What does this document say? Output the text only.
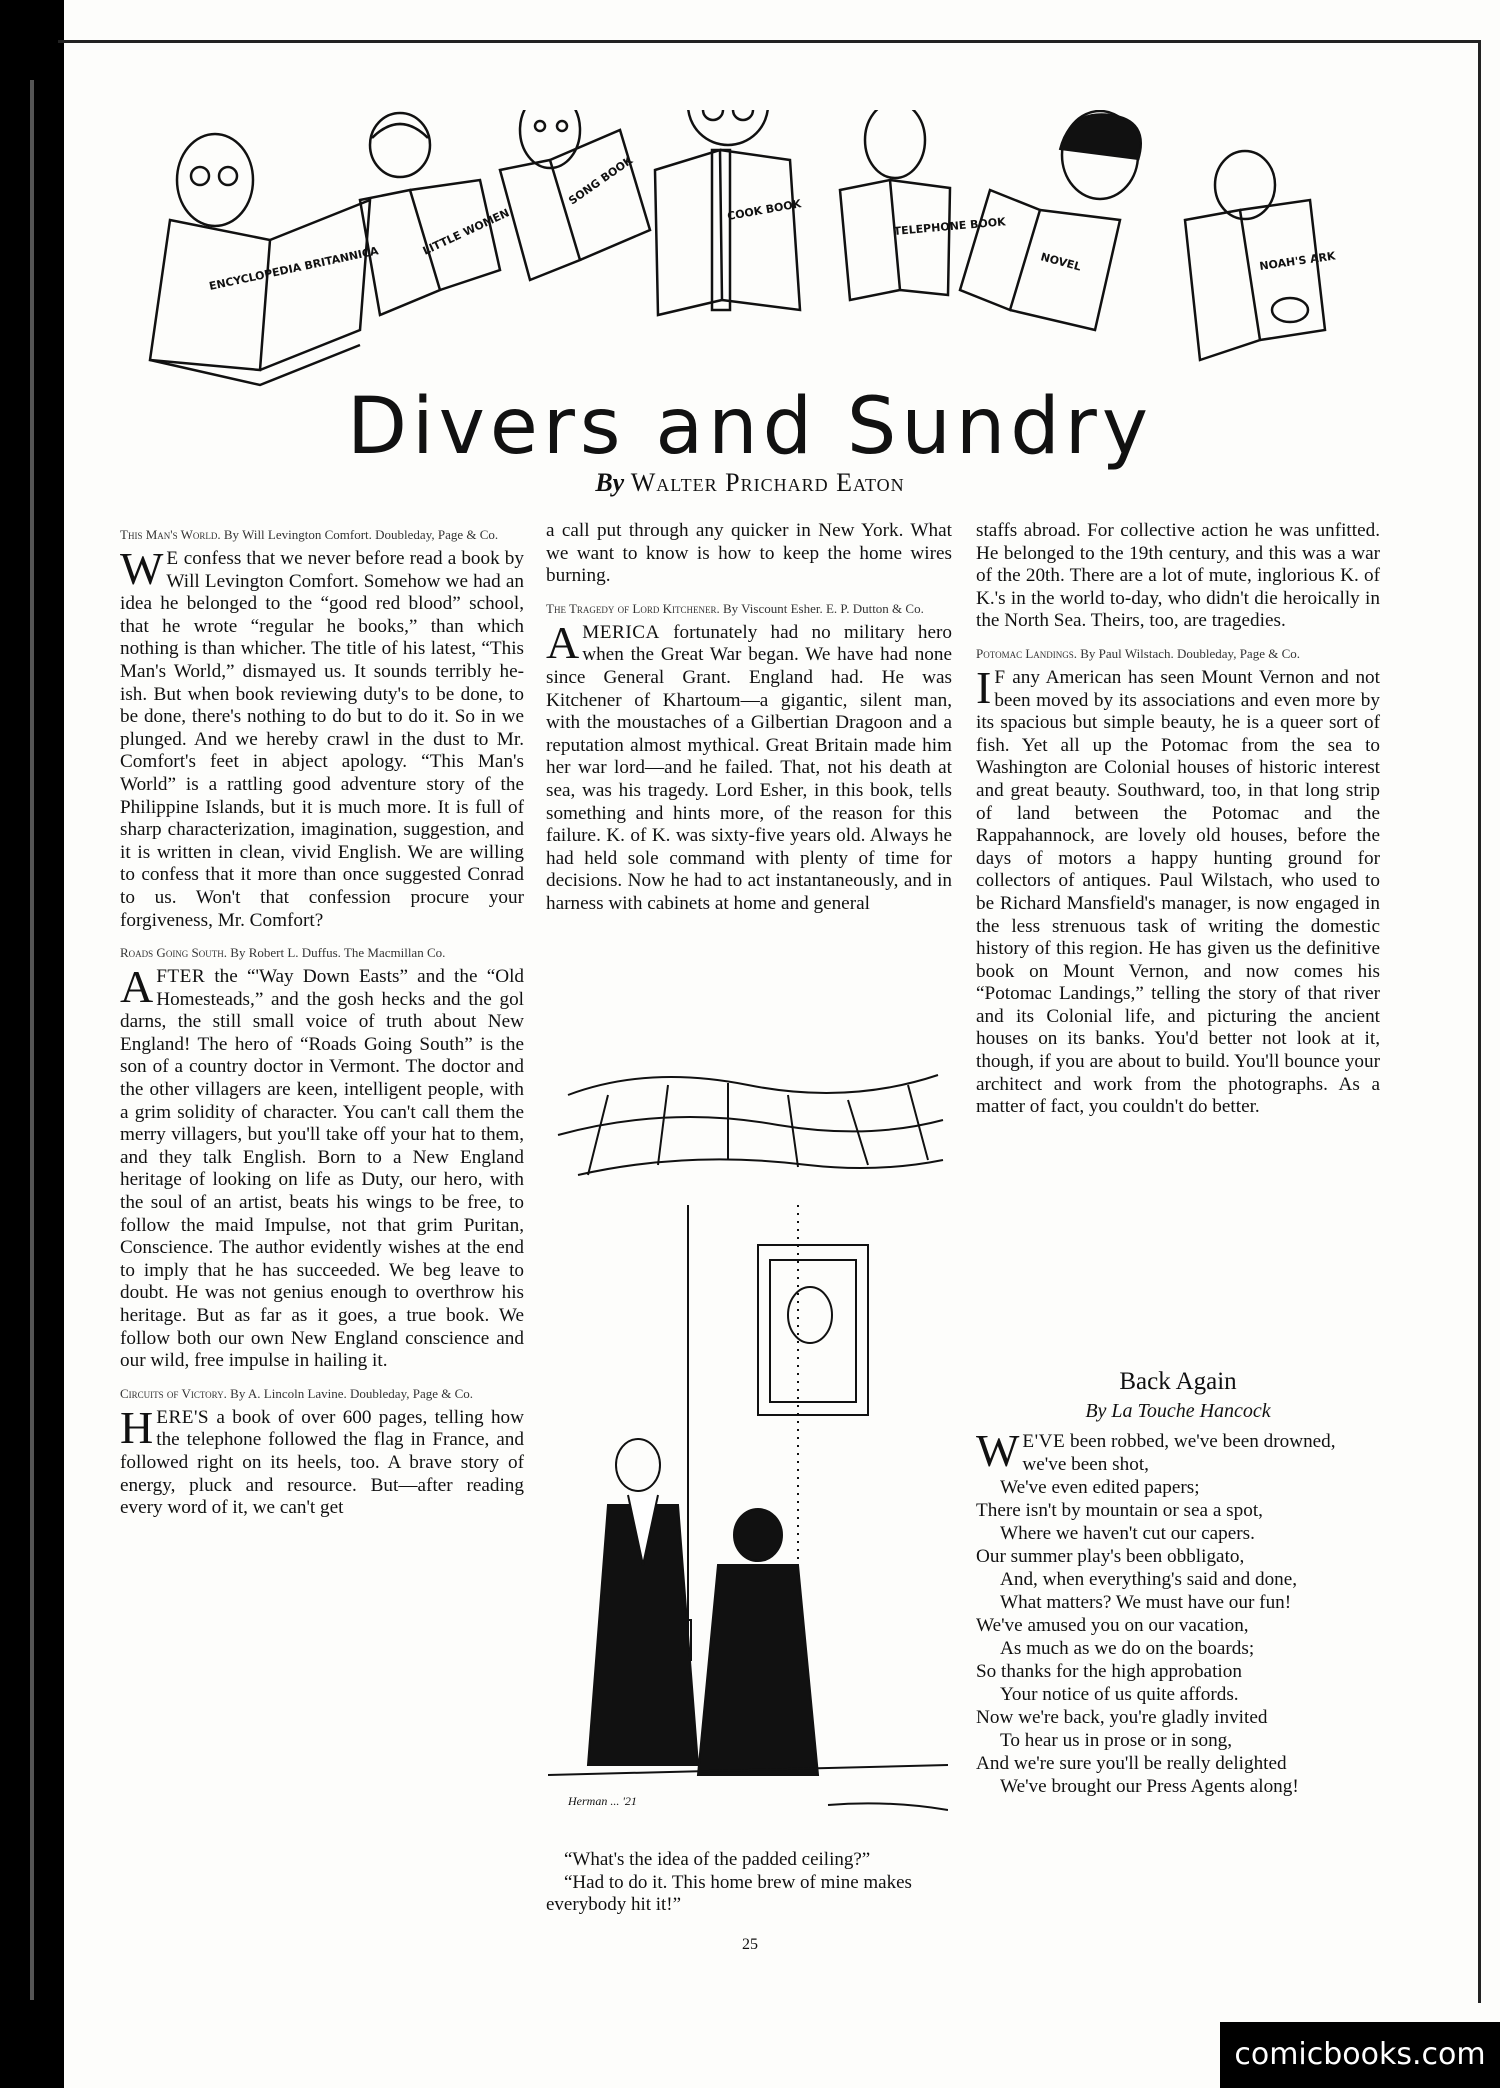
ENCYCLOPEDIA BRITANNICA
LITTLE WOMEN
SONG BOOK
COOK BOOK
TELEPHONE BOOK
NOVEL	NOAH'S ARK
Divers and Sundry
By Walter Prichard Eaton
This Man's World. By Will Levington Comfort. Doubleday, Page & Co.

W E confess that we never before read a book by Will Levington Comfort. Somehow we had an idea he belonged to the “good red blood” school, that he wrote “regular he books,” than which nothing is than whicher. The title of his latest, “This Man's World,” dismayed us. It sounds terribly he-ish. But when book reviewing duty's to be done, to be done, there's nothing to do but to do it. So in we plunged. And we hereby crawl in the dust to Mr. Comfort's feet in abject apology. “This Man's World” is a rattling good adventure story of the Philippine Islands, but it is much more. It is full of sharp characterization, imagination, suggestion, and it is written in clean, vivid English. We are willing to confess that it more than once suggested Conrad to us. Won't that confession procure your forgiveness, Mr. Comfort?

Roads Going South. By Robert L. Duffus. The Macmillan Co.

AFTER the “'Way Down Easts” and the “Old Homesteads,” and the gosh hecks and the gol darns, the still small voice of truth about New England! The hero of “Roads Going South” is the son of a country doctor in Vermont. The doctor and the other villagers are keen, intelligent people, with a grim solidity of character. You can't call them the merry villagers, but you'll take off your hat to them, and they talk English. Born to a New England heritage of looking on life as Duty, our hero, with the soul of an artist, beats his wings to be free, to follow the maid Impulse, not that grim Puritan, Conscience. The author evidently wishes at the end to imply that he has succeeded. We beg leave to doubt. He was not genius enough to overthrow his heritage. But as far as it goes, a true book. We follow both our own New England conscience and our wild, free impulse in hailing it.

Circuits of Victory. By A. Lincoln Lavine. Doubleday, Page & Co.

HERE'S a book of over 600 pages, telling how the telephone followed the flag in France, and followed right on its heels, too. A brave story of energy, pluck and resource. But—after reading every word of it, we can't get

a call put through any quicker in New York. What we want to know is how to keep the home wires burning.

The Tragedy of Lord Kitchener. By Viscount Esher. E. P. Dutton & Co.

AMERICA fortunately had no military hero when the Great War began. We have had none since General Grant. England had. He was Kitchener of Khartoum—a gigantic, silent man, with the moustaches of a Gilbertian Dragoon and a reputation almost mythical. Great Britain made him her war lord—and he failed. That, not his death at sea, was his tragedy. Lord Esher, in this book, tells something and hints more, of the reason for this failure. K. of K. was sixty-five years old. Always he had held sole command with plenty of time for decisions. Now he had to act instantaneously, and in harness with cabinets at home and general

Herman ... '21
“What's the idea of the padded ceiling?”
“Had to do it. This home brew of mine makes everybody hit it!”

staffs abroad. For collective action he was unfitted. He belonged to the 19th century, and this was a war of the 20th. There are a lot of mute, inglorious K. of K.'s in the world to-day, who didn't die heroically in the North Sea. Theirs, too, are tragedies.

Potomac Landings. By Paul Wilstach. Doubleday, Page & Co.

I F any American has seen Mount Vernon and not been moved by its associations and even more by its spacious but simple beauty, he is a queer sort of fish. Yet all up the Potomac from the sea to Washington are Colonial houses of historic interest and great beauty. Southward, too, in that long strip of land between the Potomac and the Rappahannock, are lovely old houses, before the days of motors a happy hunting ground for collectors of antiques. Paul Wilstach, who used to be Richard Mansfield's manager, is now engaged in the less strenuous task of writing the domestic history of this region. He has given us the definitive book on Mount Vernon, and now comes his “Potomac Landings,” telling the story of that river and its Colonial life, and picturing the ancient houses on its banks. You'd better not look at it, though, if you are about to build. You'll bounce your architect and work from the photographs. As a matter of fact, you couldn't do better.

Back Again
By La Touche Hancock
W E'VE been robbed, we've been drowned, we've been shot,
We've even edited papers;
There isn't by mountain or sea a spot,
Where we haven't cut our capers.
Our summer play's been obbligato,
And, when everything's said and done,
What matters? We must have our fun!
We've amused you on our vacation,
As much as we do on the boards;
So thanks for the high approbation
Your notice of us quite affords.
Now we're back, you're gladly invited
To hear us in prose or in song,
And we're sure you'll be really delighted
We've brought our Press Agents along!
25
comicbooks.com
